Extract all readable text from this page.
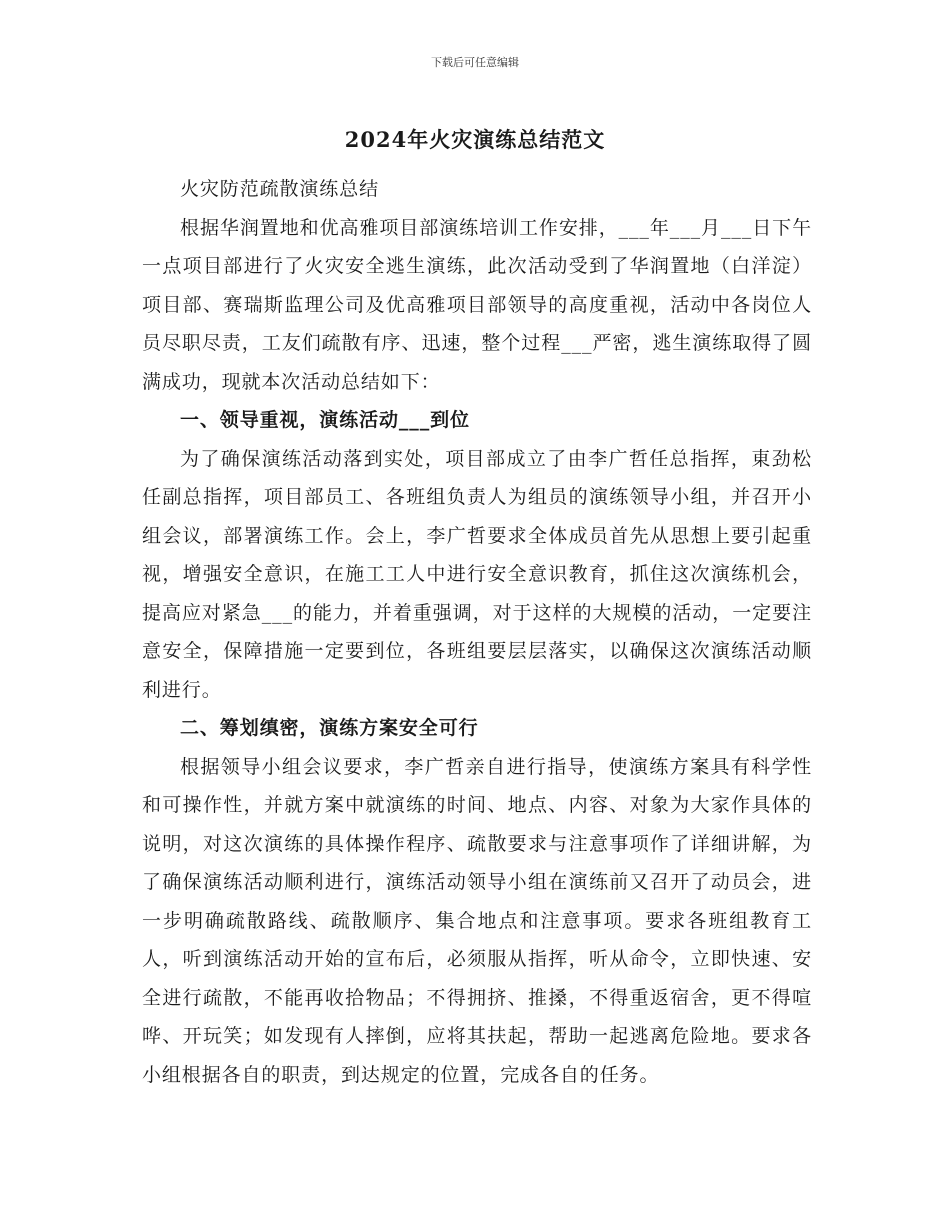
下载后可任意编辑
2024年火灾演练总结范文

火灾防范疏散演练总结

根据华润置地和优高雅项目部演练培训工作安排，___年___月___日下午一点项目部进行了火灾安全逃生演练，此次活动受到了华润置地（白洋淀）项目部、赛瑞斯监理公司及优高雅项目部领导的高度重视，活动中各岗位人员尽职尽责，工友们疏散有序、迅速，整个过程___严密，逃生演练取得了圆满成功，现就本次活动总结如下：

一、领导重视，演练活动___到位

为了确保演练活动落到实处，项目部成立了由李广哲任总指挥，東劲松任副总指挥，项目部员工、各班组负责人为组员的演练领导小组，并召开小组会议，部署演练工作。会上，李广哲要求全体成员首先从思想上要引起重视，增强安全意识，在施工工人中进行安全意识教育，抓住这次演练机会，提高应对紧急___的能力，并着重强调，对于这样的大规模的活动，一定要注意安全，保障措施一定要到位，各班组要层层落实，以确保这次演练活动顺利进行。

二、筹划缜密，演练方案安全可行

根据领导小组会议要求，李广哲亲自进行指导，使演练方案具有科学性和可操作性，并就方案中就演练的时间、地点、内容、对象为大家作具体的说明，对这次演练的具体操作程序、疏散要求与注意事项作了详细讲解，为了确保演练活动顺利进行，演练活动领导小组在演练前又召开了动员会，进一步明确疏散路线、疏散顺序、集合地点和注意事项。要求各班组教育工人，听到演练活动开始的宣布后，必须服从指挥，听从命令，立即快速、安全进行疏散，不能再收拾物品；不得拥挤、推搡，不得重返宿舍，更不得喧哗、开玩笑；如发现有人摔倒，应将其扶起，帮助一起逃离危险地。要求各小组根据各自的职责，到达规定的位置，完成各自的任务。
